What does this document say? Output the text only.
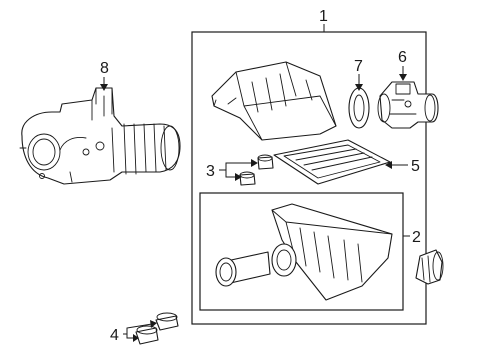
1
8	7
6
5
3
2
4
